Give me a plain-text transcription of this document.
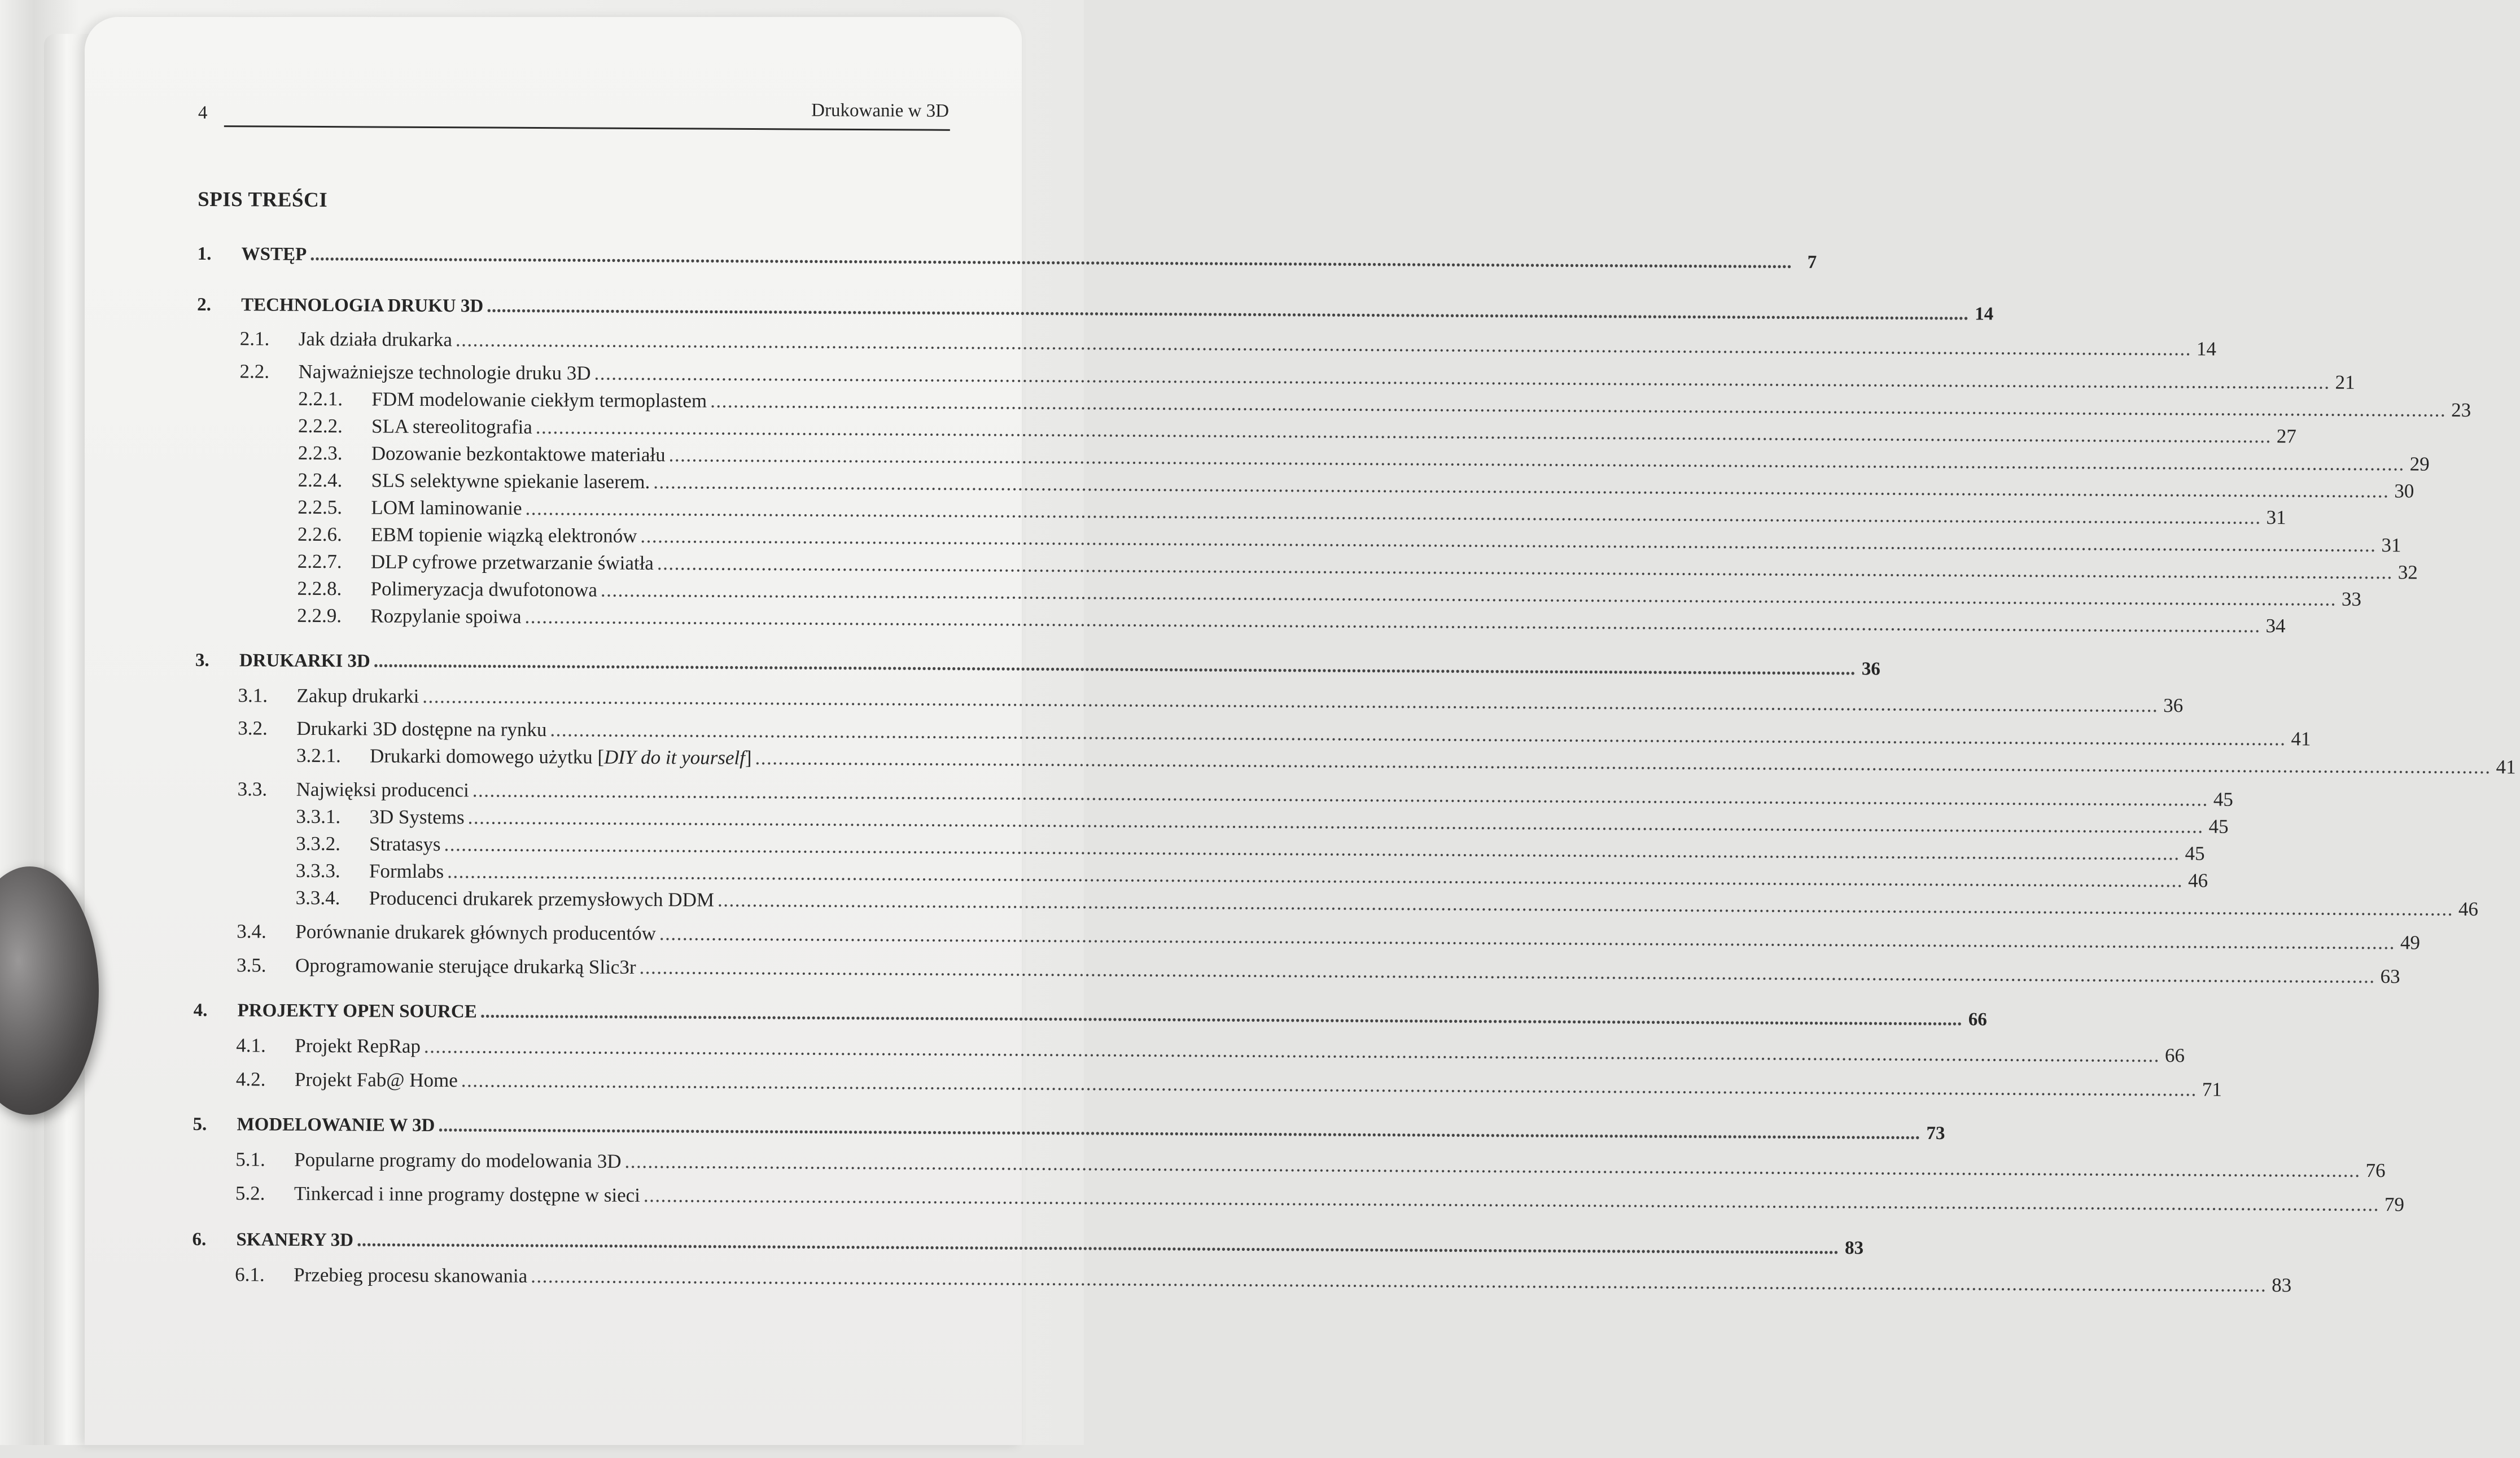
4	Drukowanie w 3D
SPIS TREŚCI
1.	WSTĘP ............................................................................................................................................................................................................................................................................................................ 7
2.	TECHNOLOGIA DRUKU 3D ............................................................................................................................................................................................................................................................................................................ 14
2.1.	Jak działa drukarka ............................................................................................................................................................................................................................................................................................................ 14
2.2.	Najważniejsze technologie druku 3D ............................................................................................................................................................................................................................................................................................................ 21
2.2.1.	FDM modelowanie ciekłym termoplastem ............................................................................................................................................................................................................................................................................................................ 23
2.2.2.	SLA stereolitografia ............................................................................................................................................................................................................................................................................................................ 27
2.2.3.	Dozowanie bezkontaktowe materiału ............................................................................................................................................................................................................................................................................................................ 29
2.2.4.	SLS selektywne spiekanie laserem. ............................................................................................................................................................................................................................................................................................................ 30
2.2.5.	LOM laminowanie ............................................................................................................................................................................................................................................................................................................ 31
2.2.6.	EBM topienie wiązką elektronów ............................................................................................................................................................................................................................................................................................................ 31
2.2.7.	DLP cyfrowe przetwarzanie światła ............................................................................................................................................................................................................................................................................................................ 32
2.2.8.	Polimeryzacja dwufotonowa ............................................................................................................................................................................................................................................................................................................ 33
2.2.9.	Rozpylanie spoiwa ............................................................................................................................................................................................................................................................................................................ 34
3.	DRUKARKI 3D ............................................................................................................................................................................................................................................................................................................ 36
3.1.	Zakup drukarki ............................................................................................................................................................................................................................................................................................................ 36
3.2.	Drukarki 3D dostępne na rynku ............................................................................................................................................................................................................................................................................................................ 41
3.2.1.	Drukarki domowego użytku [DIY do it yourself] ............................................................................................................................................................................................................................................................................................................ 41
3.3.	Najwięksi producenci ............................................................................................................................................................................................................................................................................................................ 45
3.3.1.	3D Systems ............................................................................................................................................................................................................................................................................................................ 45
3.3.2.	Stratasys ............................................................................................................................................................................................................................................................................................................ 45
3.3.3.	Formlabs ............................................................................................................................................................................................................................................................................................................ 46
3.3.4.	Producenci drukarek przemysłowych DDM ............................................................................................................................................................................................................................................................................................................ 46
3.4.	Porównanie drukarek głównych producentów ............................................................................................................................................................................................................................................................................................................ 49
3.5.	Oprogramowanie sterujące drukarką Slic3r ............................................................................................................................................................................................................................................................................................................ 63
4.	PROJEKTY OPEN SOURCE ............................................................................................................................................................................................................................................................................................................ 66
4.1.	Projekt RepRap ............................................................................................................................................................................................................................................................................................................ 66
4.2.	Projekt Fab@ Home ............................................................................................................................................................................................................................................................................................................ 71
5.	MODELOWANIE W 3D ............................................................................................................................................................................................................................................................................................................ 73
5.1.	Popularne programy do modelowania 3D ............................................................................................................................................................................................................................................................................................................ 76
5.2.	Tinkercad i inne programy dostępne w sieci ............................................................................................................................................................................................................................................................................................................ 79
6.	SKANERY 3D ............................................................................................................................................................................................................................................................................................................ 83
6.1.	Przebieg procesu skanowania ............................................................................................................................................................................................................................................................................................................ 83
